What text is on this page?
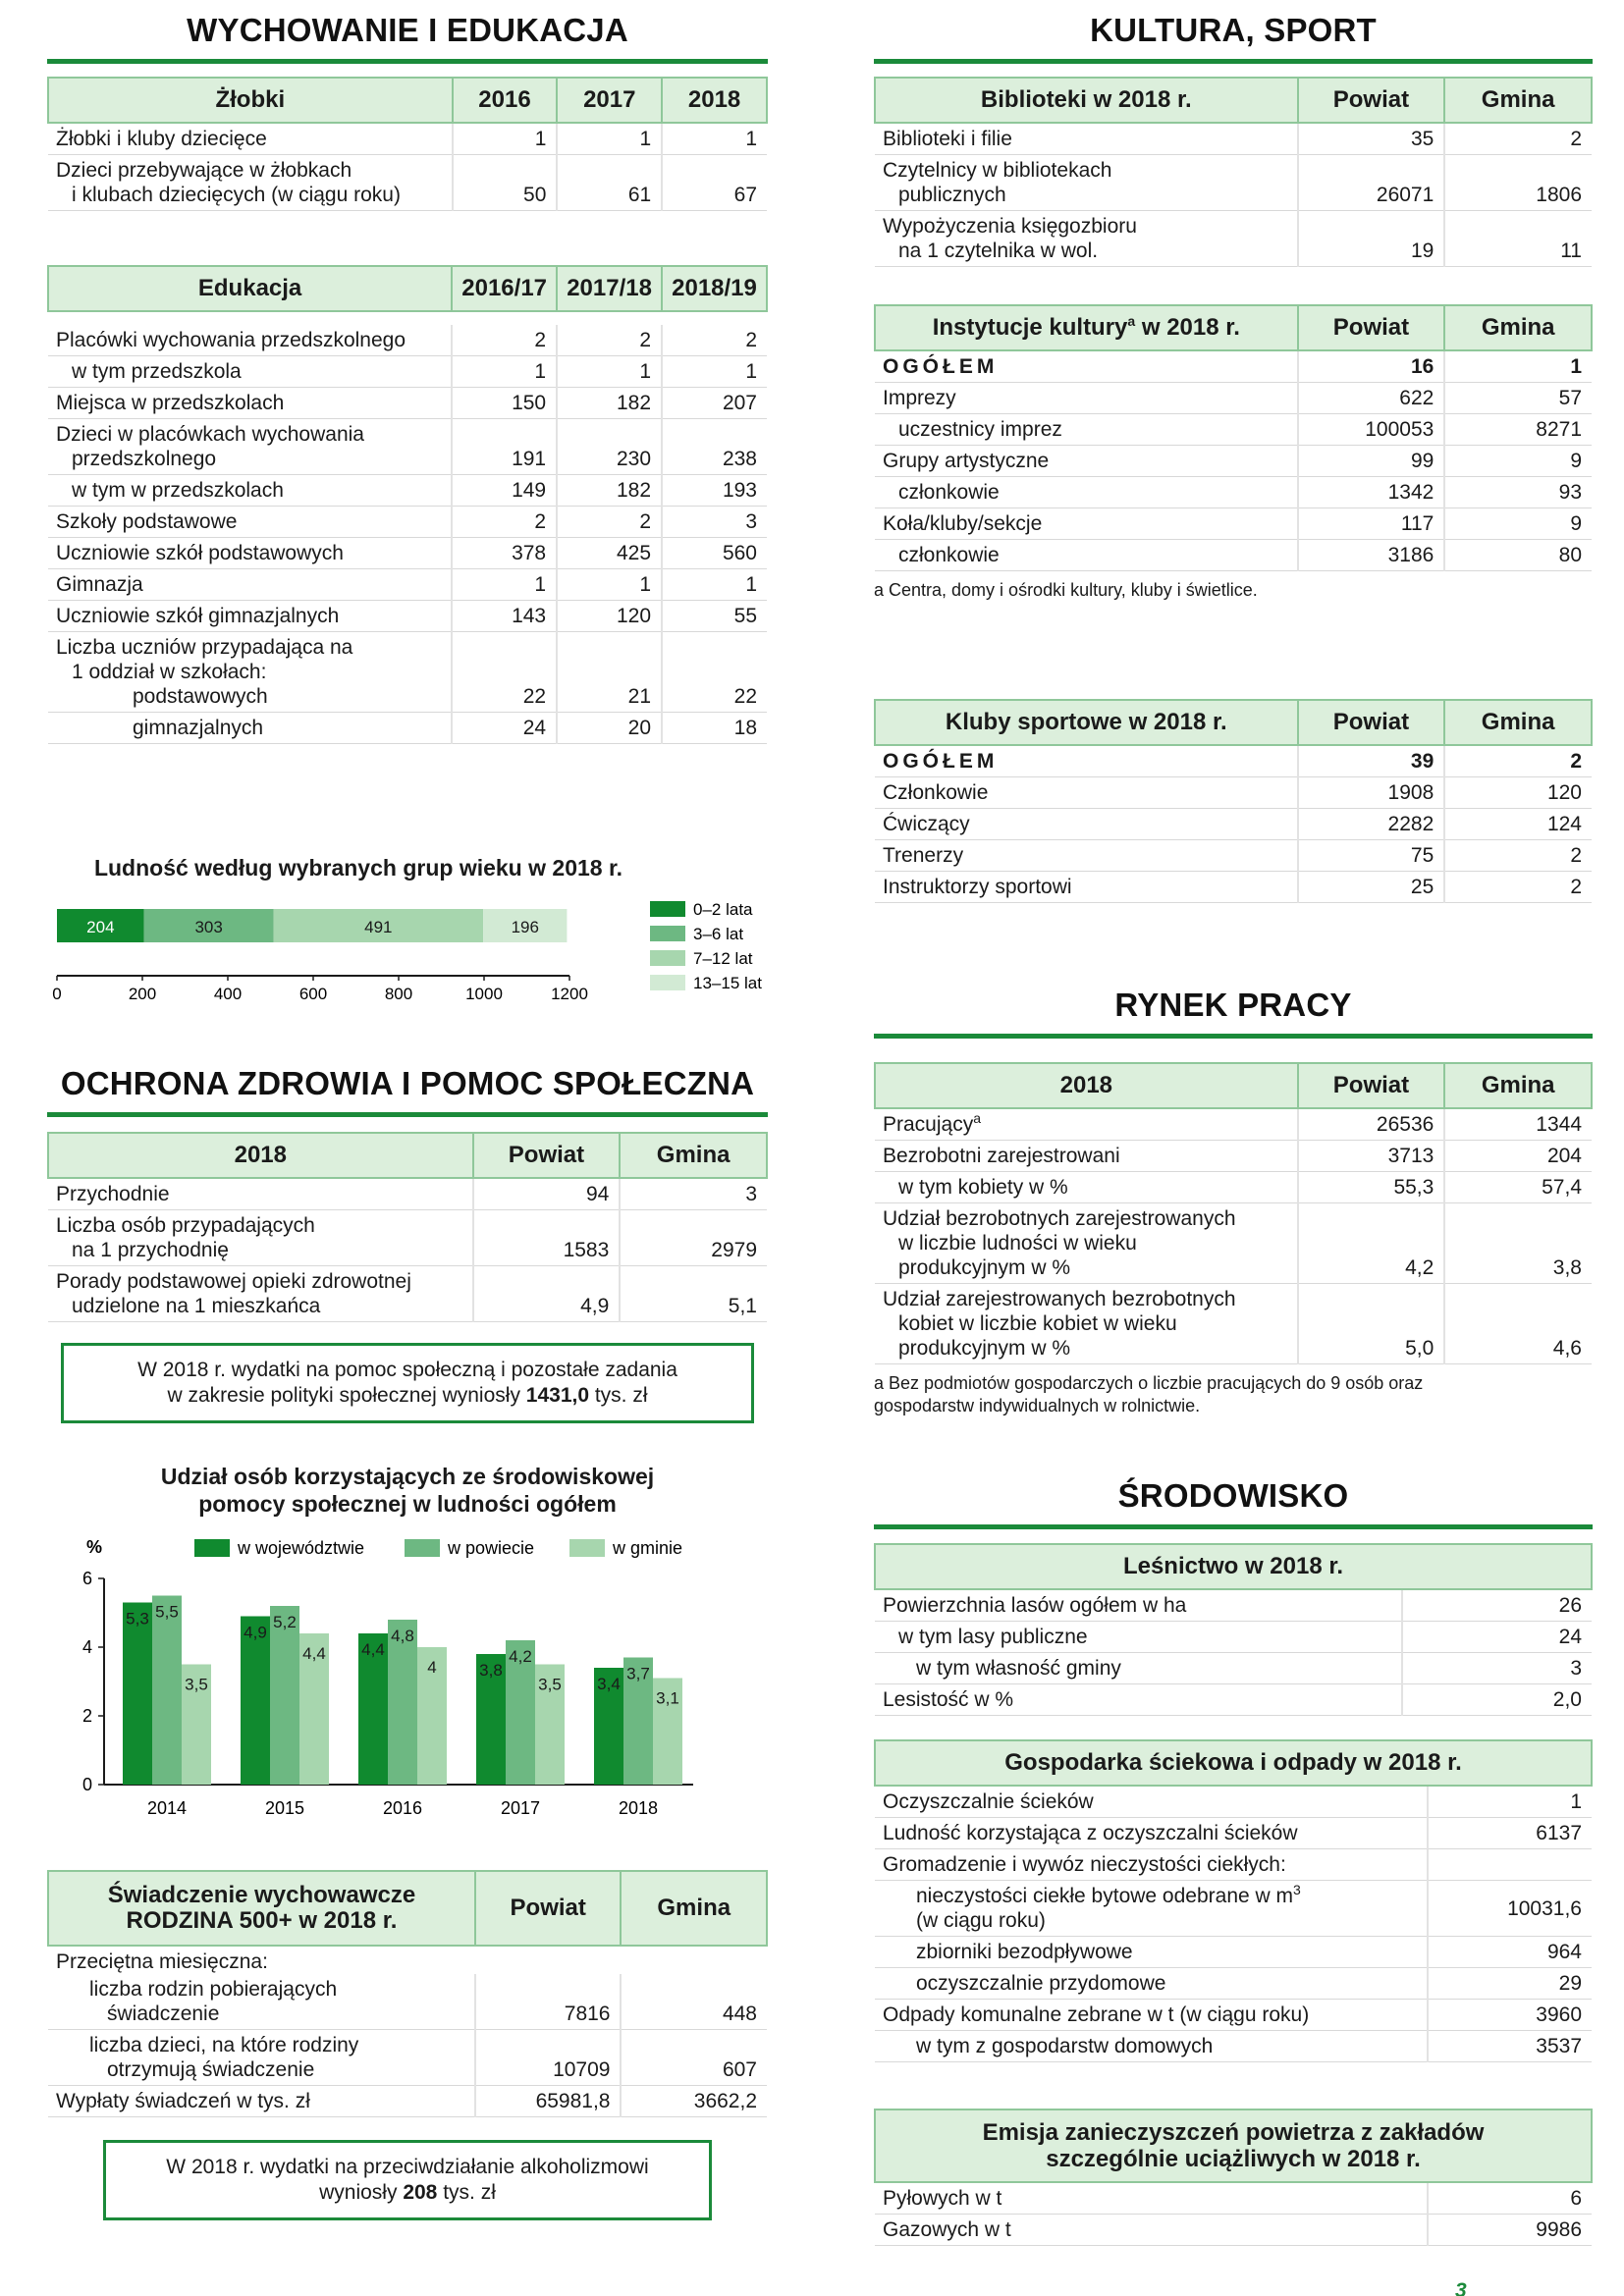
WYCHOWANIE I EDUKACJA
Żłobki	2016	2017	2018
Żłobki i kluby dziecięce	1	1	1
Dzieci przebywające w żłobkach
i klubach dziecięcych (w ciągu roku)	50	61	67
Edukacja	2016/17	2017/18	2018/19

Placówki wychowania przedszkolnego	2	2	2
w tym przedszkola	1	1	1
Miejsca w przedszkolach	150	182	207
Dzieci w placówkach wychowania
przedszkolnego	191	230	238
w tym w przedszkolach	149	182	193
Szkoły podstawowe	2	2	3
Uczniowie szkół podstawowych	378	425	560
Gimnazja	1	1	1
Uczniowie szkół gimnazjalnych	143	120	55
Liczba uczniów przypadająca na
1 oddział w szkołach:
podstawowych	22	21	22
gimnazjalnych	24	20	18
Ludność według wybranych grup wieku w 2018 r.
204	303	491	196
0	200	400	600	800	1000	1200
0–2 lata
3–6 lat
7–12 lat
13–15 lat
OCHRONA ZDROWIA I POMOC SPOŁECZNA
2018	Powiat	Gmina
Przychodnie	94	3
Liczba osób przypadających
na 1 przychodnię	1583	2979
Porady podstawowej opieki zdrowotnej
udzielone na 1 mieszkańca	4,9	5,1
W 2018 r. wydatki na pomoc społeczną i pozostałe zadania
w zakresie polityki społecznej wyniosły 1431,0 tys. zł
Udział osób korzystających ze środowiskowej
pomocy społecznej w ludności ogółem
%	w województwie	w powiecie	w gminie
0
2
4
6
5,3 5,5
3,5
2014
4,9
5,2
4,4
2015
4,4
4,8
4
2016
3,8
4,2
3,5
2017
3,4
3,7
3,1
2018
Świadczenie wychowawcze
RODZINA 500+ w 2018 r.	Powiat	Gmina
Przeciętna miesięczna:		
liczba rodzin pobierających
świadczenie	7816	448
liczba dzieci, na które rodziny
otrzymują świadczenie	10709	607
Wypłaty świadczeń w tys. zł	65981,8	3662,2
W 2018 r. wydatki na przeciwdziałanie alkoholizmowi
wyniosły 208 tys. zł
KULTURA, SPORT
Biblioteki w 2018 r.	Powiat	Gmina
Biblioteki i filie	35	2
Czytelnicy w bibliotekach
publicznych	26071	1806
Wypożyczenia księgozbioru
na 1 czytelnika w wol.	19	11
Instytucje kultury$^a$ w 2018 r.	Powiat	Gmina
OGÓŁEM	16	1
Imprezy	622	57
uczestnicy imprez	100053	8271
Grupy artystyczne	99	9
członkowie	1342	93
Koła/kluby/sekcje	117	9
członkowie	3186	80
a Centra, domy i ośrodki kultury, kluby i świetlice.
Kluby sportowe w 2018 r.	Powiat	Gmina
OGÓŁEM	39	2
Członkowie	1908	120
Ćwiczący	2282	124
Trenerzy	75	2
Instruktorzy sportowi	25	2
RYNEK PRACY
2018	Powiat	Gmina
Pracujący$^a$	26536	1344
Bezrobotni zarejestrowani	3713	204
w tym kobiety w %	55,3	57,4
Udział bezrobotnych zarejestrowanych
w liczbie ludności w wieku
produkcyjnym w %	4,2	3,8
Udział zarejestrowanych bezrobotnych
kobiet w liczbie kobiet w wieku
produkcyjnym w %	5,0	4,6
a Bez podmiotów gospodarczych o liczbie pracujących do 9 osób oraz
gospodarstw indywidualnych w rolnictwie.
ŚRODOWISKO
Leśnictwo w 2018 r.	
Powierzchnia lasów ogółem w ha	26
w tym lasy publiczne	24
w tym własność gminy	3
Lesistość w %	2,0
Gospodarka ściekowa i odpady w 2018 r.	
Oczyszczalnie ścieków	1
Ludność korzystająca z oczyszczalni ścieków	6137
Gromadzenie i wywóz nieczystości ciekłych:	
nieczystości ciekłe bytowe odebrane w $m^3$
(w ciągu roku)	10031,6
zbiorniki bezodpływowe	964
oczyszczalnie przydomowe	29
Odpady komunalne zebrane w t (w ciągu roku)	3960
w tym z gospodarstw domowych	3537
Emisja zanieczyszczeń powietrza z zakładów
szczególnie uciążliwych w 2018 r.	

Pyłowych w t	6
Gazowych w t	9986
3
